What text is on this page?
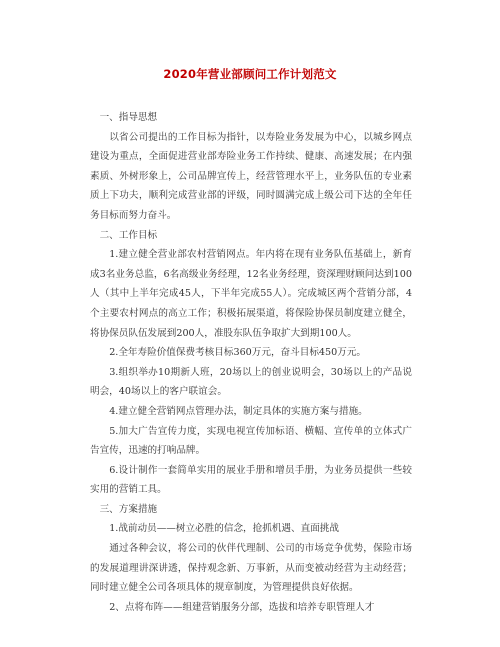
2020年营业部顾问工作计划范文

一、指导思想

以省公司提出的工作目标为指针，以寿险业务发展为中心，以城乡网点建设为重点，全面促进营业部寿险业务工作持续、健康、高速发展；在内强素质、外树形象上，公司品牌宣传上，经营管理水平上，业务队伍的专业素质上下功夫，顺利完成营业部的评级，同时圆满完成上级公司下达的全年任务目标而努力奋斗。

二、工作目标

1.建立健全营业部农村营销网点。年内将在现有业务队伍基础上，新育成3名业务总监，6名高级业务经理，12名业务经理，资深理财顾问达到100人（其中上半年完成45人，下半年完成55人）。完成城区两个营销分部，4个主要农村网点的高立工作；积极拓展渠道，将保险协保员制度建立健全，将协保员队伍发展到200人，准股东队伍争取扩大到期100人。

2.全年寿险价值保费考核目标360万元，奋斗目标450万元。

3.组织举办10期新人班，20场以上的创业说明会，30场以上的产品说明会，40场以上的客户联谊会。

4.建立健全营销网点管理办法，制定具体的实施方案与措施。

5.加大广告宣传力度，实现电视宣传加标语、横幅、宣传单的立体式广告宣传，迅速的打响品牌。

6.设计制作一套简单实用的展业手册和增员手册，为业务员提供一些较实用的营销工具。

三、方案措施

1.战前动员——树立必胜的信念，抢抓机遇、直面挑战

通过各种会议，将公司的伙伴代理制、公司的市场竞争优势，保险市场的发展道理讲深讲透，保持观念新、万事新，从而变被动经营为主动经营；同时建立健全公司各项具体的规章制度，为管理提供良好依据。

2、点将布阵——组建营销服务分部，选拔和培养专职管理人才
